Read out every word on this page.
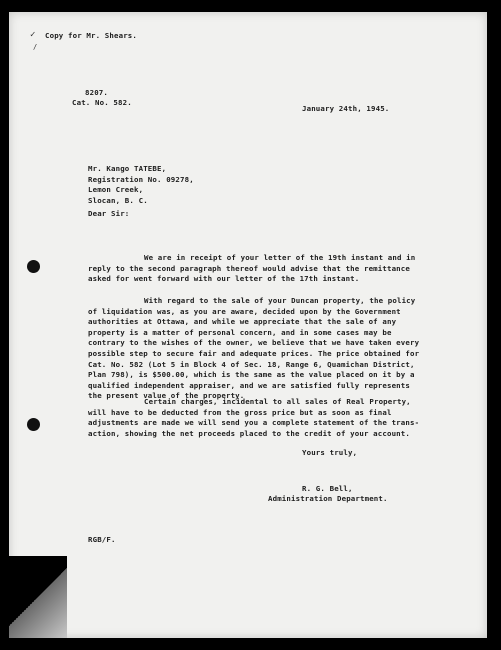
✓
/

Copy for Mr. Shears.

8207.

Cat. No. 582.

January 24th, 1945.

Mr. Kango TATEBE,
Registration No. 09278,
Lemon Creek,
Slocan, B. C.

Dear Sir:

We are in receipt of your letter of the 19th instant and in
reply to the second paragraph thereof would advise that the remittance
asked for went forward with our letter of the 17th instant.
With regard to the sale of your Duncan property, the policy
of liquidation was, as you are aware, decided upon by the Government
authorities at Ottawa, and while we appreciate that the sale of any
property is a matter of personal concern, and in some cases may be
contrary to the wishes of the owner, we believe that we have taken every
possible step to secure fair and adequate prices. The price obtained for
Cat. No. 582 (Lot 5 in Block 4 of Sec. 18, Range 6, Quamichan District,
Plan 798), is $500.00, which is the same as the value placed on it by a
qualified independent appraiser, and we are satisfied fully represents
the present value of the property.
Certain charges, incidental to all sales of Real Property,
will have to be deducted from the gross price but as soon as final
adjustments are made we will send you a complete statement of the trans-
action, showing the net proceeds placed to the credit of your account.

Yours truly,

R. G. Bell,

Administration Department.

RGB/F.
